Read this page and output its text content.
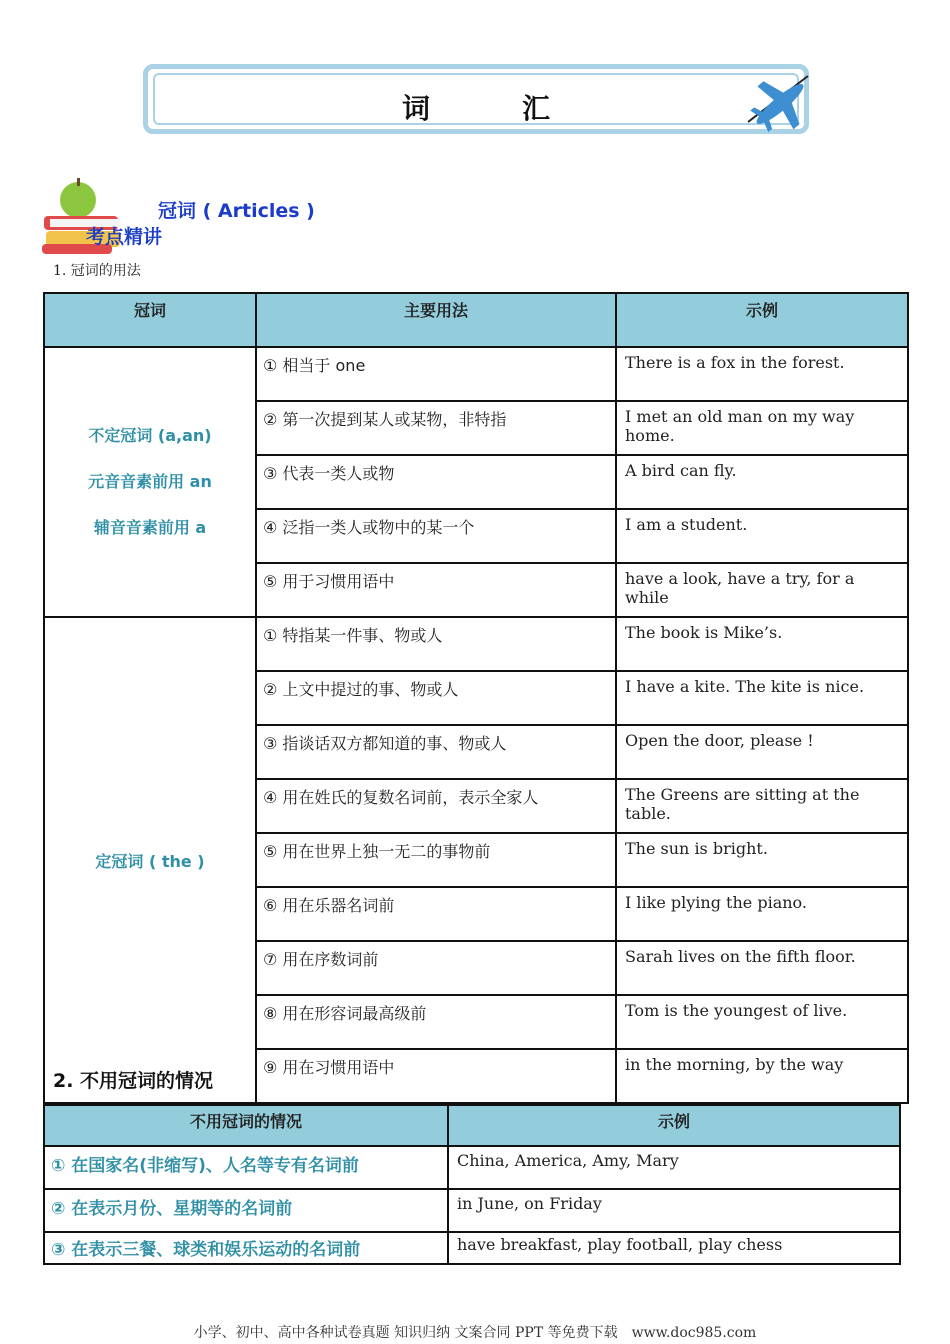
词　汇
冠词 ( Articles )
考点精讲
1. 冠词的用法
冠词	主要用法	示例

不定冠词 (a,an)

元音音素前用 an

辅音音素前用 a	① 相当于 one	There is a fox in the forest.
	② 第一次提到某人或某物，非特指	I met an old man on my way home.
	③ 代表一类人或物	A bird can fly.
	④ 泛指一类人或物中的某一个	I am a student.
	⑤ 用于习惯用语中	have a look, have a try, for a while
定冠词 ( the )	① 特指某一件事、物或人	The book is Mike’s.
	② 上文中提过的事、物或人	I have a kite. The kite is nice.
	③ 指谈话双方都知道的事、物或人	Open the door, please !
	④ 用在姓氏的复数名词前，表示全家人	The Greens are sitting at the table.
	⑤ 用在世界上独一无二的事物前	The sun is bright.
	⑥ 用在乐器名词前	I like plying the piano.
	⑦ 用在序数词前	Sarah lives on the fifth floor.
	⑧ 用在形容词最高级前	Tom is the youngest of live.
	⑨ 用在习惯用语中	in the morning, by the way
2. 不用冠词的情况
不用冠词的情况	示例
① 在国家名(非缩写)、人名等专有名词前	China, America, Amy, Mary
② 在表示月份、星期等的名词前	in June, on Friday
③ 在表示三餐、球类和娱乐运动的名词前	have breakfast, play football, play chess
小学、初中、高中各种试卷真题 知识归纳 文案合同 PPT 等免费下载　www.doc985.com
